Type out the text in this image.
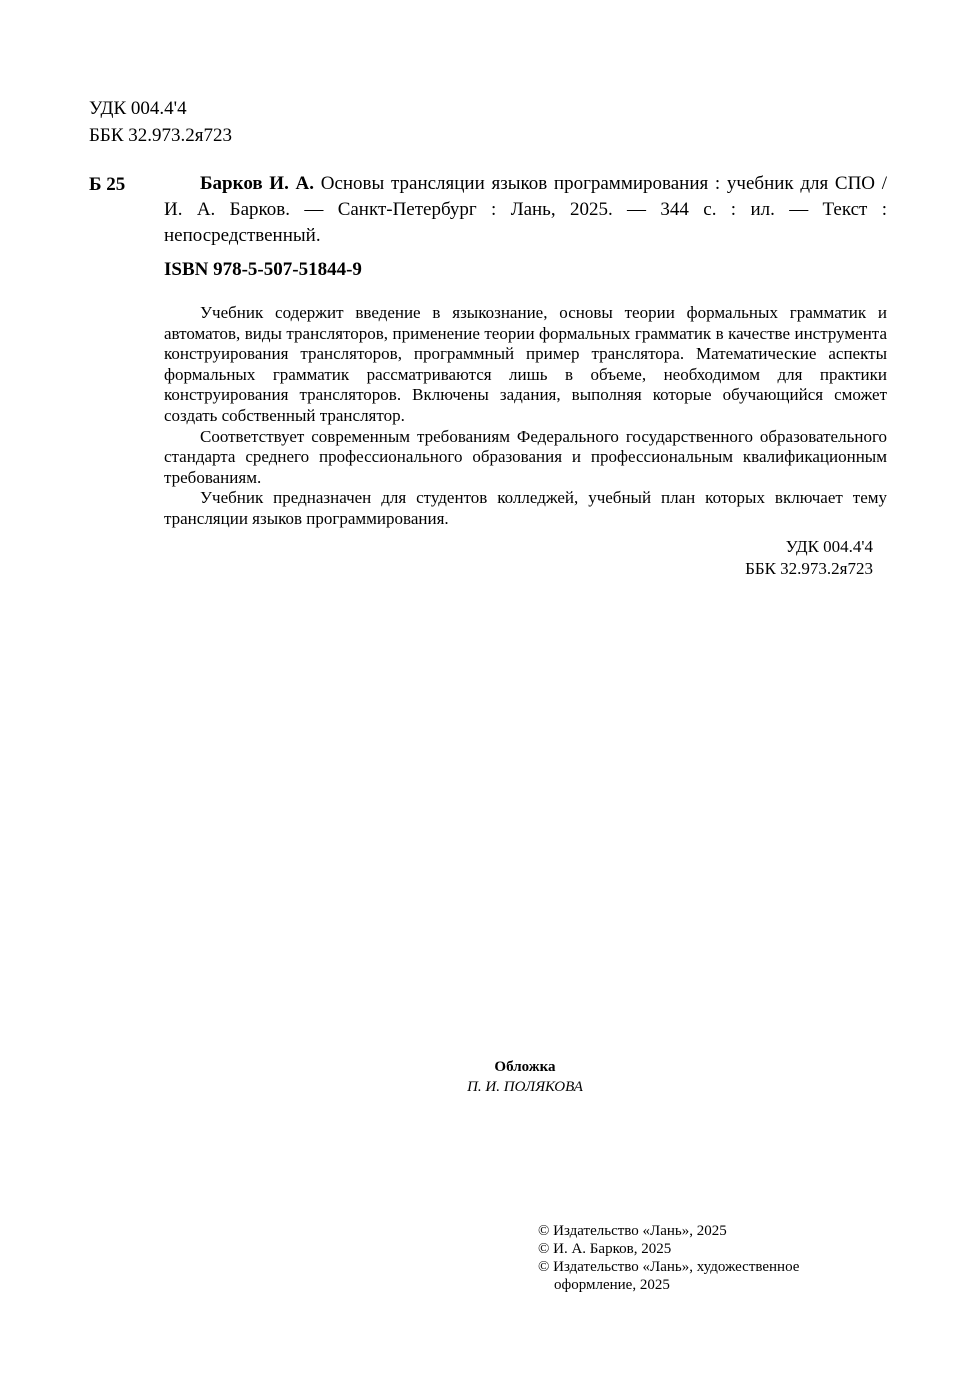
УДК 004.4'4
ББК 32.973.2я723
Б 25	Барков И. А. Основы трансляции языков программирования : учебник для СПО / И. А. Барков. — Санкт-Петербург : Лань, 2025. — 344 с. : ил. — Текст : непосредственный.
ISBN 978-5-507-51844-9

Учебник содержит введение в языкознание, основы теории формальных грамматик и автоматов, виды трансляторов, применение теории формальных грамматик в качестве инструмента конструирования трансляторов, программный пример транслятора. Математические аспекты формальных грамматик рассматриваются лишь в объеме, необходимом для практики конструирования трансляторов. Включены задания, выполняя которые обучающийся сможет создать собственный транслятор.

Соответствует современным требованиям Федерального государственного образовательного стандарта среднего профессионального образования и профессиональным квалификационным требованиям.

Учебник предназначен для студентов колледжей, учебный план которых включает тему трансляции языков программирования.

УДК 004.4'4
ББК 32.973.2я723
Обложка
П. И. ПОЛЯКОВА
© Издательство «Лань», 2025
© И. А. Барков, 2025
© Издательство «Лань», художественное
оформление, 2025
